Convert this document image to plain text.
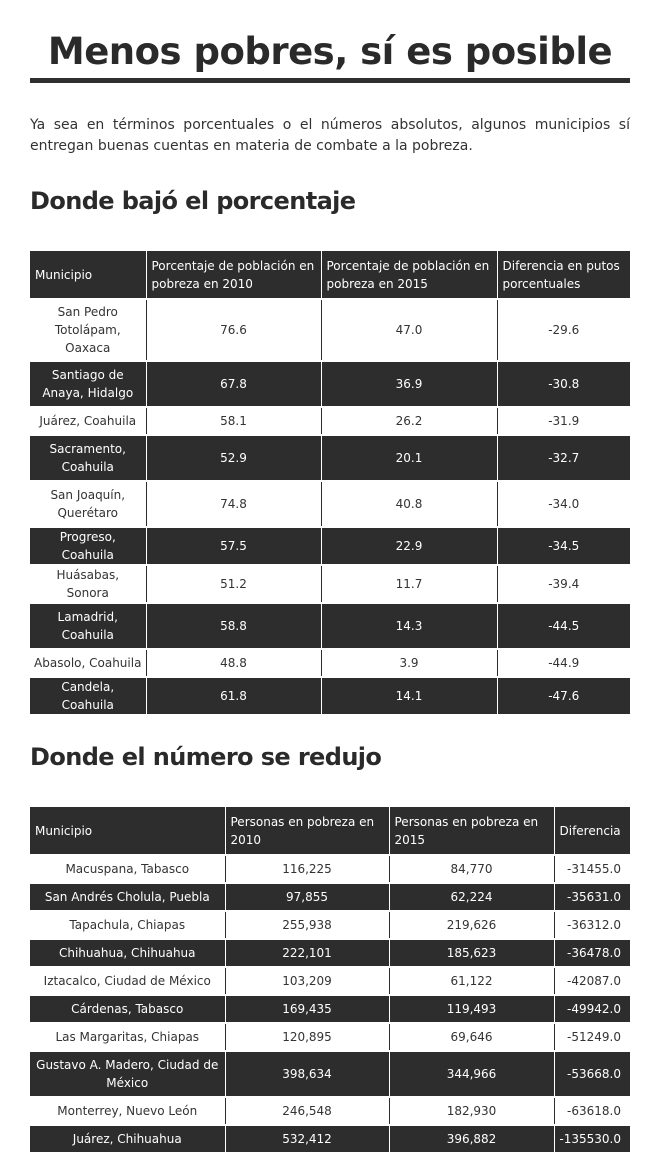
Menos pobres, sí es posible

Ya sea en términos porcentuales o el números absolutos, algunos municipios sí entregan buenas cuentas en materia de combate a la pobreza.

Donde bajó el porcentaje
Municipio	Porcentaje de población en pobreza en 2010	Porcentaje de población en pobreza en 2015	Diferencia en putos porcentuales
San Pedro Totolápam, Oaxaca	76.6	47.0	-29.6
Santiago de Anaya, Hidalgo	67.8	36.9	-30.8
Juárez, Coahuila	58.1	26.2	-31.9
Sacramento, Coahuila	52.9	20.1	-32.7
San Joaquín, Querétaro	74.8	40.8	-34.0
Progreso, Coahuila	57.5	22.9	-34.5
Huásabas, Sonora	51.2	11.7	-39.4
Lamadrid, Coahuila	58.8	14.3	-44.5
Abasolo, Coahuila	48.8	3.9	-44.9
Candela, Coahuila	61.8	14.1	-47.6
Donde el número se redujo
Municipio	Personas en pobreza en 2010	Personas en pobreza en 2015	Diferencia
Macuspana, Tabasco	116,225	84,770	-31455.0
San Andrés Cholula, Puebla	97,855	62,224	-35631.0
Tapachula, Chiapas	255,938	219,626	-36312.0
Chihuahua, Chihuahua	222,101	185,623	-36478.0
Iztacalco, Ciudad de México	103,209	61,122	-42087.0
Cárdenas, Tabasco	169,435	119,493	-49942.0
Las Margaritas, Chiapas	120,895	69,646	-51249.0
Gustavo A. Madero, Ciudad de México	398,634	344,966	-53668.0
Monterrey, Nuevo León	246,548	182,930	-63618.0
Juárez, Chihuahua	532,412	396,882	-135530.0
